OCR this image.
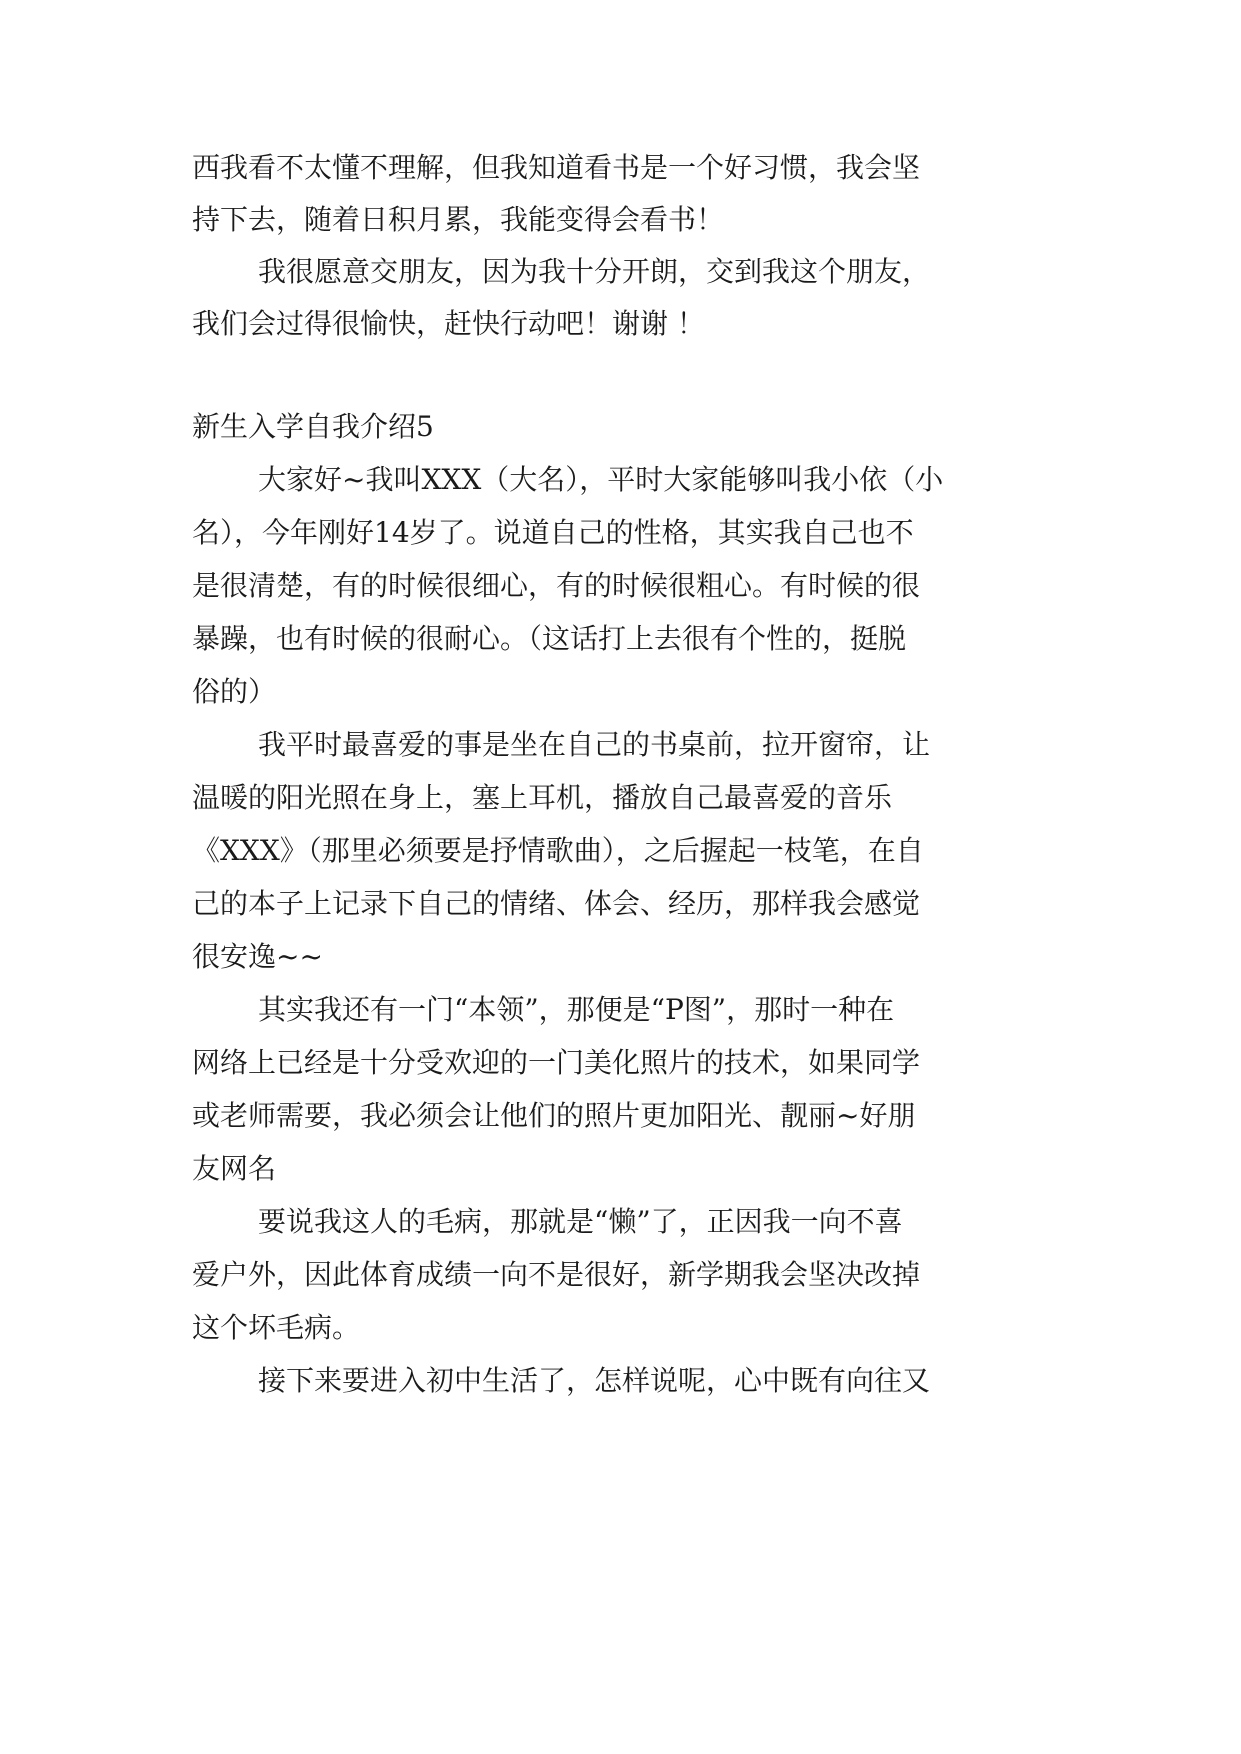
西我看不太懂不理解，但我知道看书是一个好习惯，我会坚

持下去，随着日积月累，我能变得会看书！

我很愿意交朋友，因为我十分开朗，交到我这个朋友，

我们会过得很愉快，赶快行动吧！谢谢 ！

新生入学自我介绍5

大家好~我叫XXX（大名），平时大家能够叫我小依（小

名），今年刚好14岁了。说道自己的性格，其实我自己也不

是很清楚，有的时候很细心，有的时候很粗心。有时候的很

暴躁，也有时候的很耐心。（这话打上去很有个性的，挺脱

俗的）

我平时最喜爱的事是坐在自己的书桌前，拉开窗帘，让

温暖的阳光照在身上，塞上耳机，播放自己最喜爱的音乐

《XXX》（那里必须要是抒情歌曲），之后握起一枝笔，在自

己的本子上记录下自己的情绪、体会、经历，那样我会感觉

很安逸~~

其实我还有一门“本领”，那便是“P图”，那时一种在

网络上已经是十分受欢迎的一门美化照片的技术，如果同学

或老师需要，我必须会让他们的照片更加阳光、靓丽~好朋

友网名

要说我这人的毛病，那就是“懒”了，正因我一向不喜

爱户外，因此体育成绩一向不是很好，新学期我会坚决改掉

这个坏毛病。

接下来要进入初中生活了，怎样说呢，心中既有向往又
